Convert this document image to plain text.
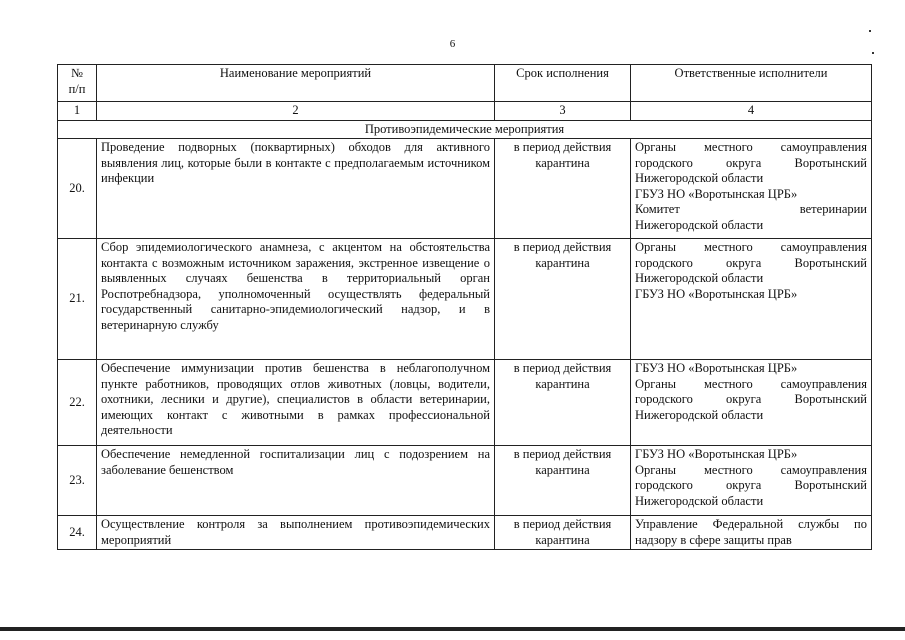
6
№
п/п	Наименование мероприятий	Срок исполнения	Ответственные исполнители
1	2	3	4
Противоэпидемические мероприятия			
20.	Проведение подворных (поквартирных) обходов для активного выявления лиц, которые были в контакте с предполагаемым источником инфекции	в период действия карантина	Органы местного самоуправления городского округа Воротынский Нижегородской области
ГБУЗ НО «Воротынская ЦРБ»
Комитет ветеринарии
Нижегородской области

21.	Сбор эпидемиологического анамнеза, с акцентом на обстоятельства контакта с возможным источником заражения, экстренное извещение о выявленных случаях бешенства в территориальный орган Роспотребнадзора, уполномоченный осуществлять федеральный государственный санитарно-эпидемиологический надзор, и в ветеринарную службу	в период действия карантина	Органы местного самоуправления городского округа Воротынский Нижегородской области
ГБУЗ НО «Воротынская ЦРБ»

22.	Обеспечение иммунизации против бешенства в неблагополучном пункте работников, проводящих отлов животных (ловцы, водители, охотники, лесники и другие), специалистов в области ветеринарии, имеющих контакт с животными в рамках профессиональной деятельности	в период действия карантина	ГБУЗ НО «Воротынская ЦРБ»
Органы местного самоуправления городского округа Воротынский Нижегородской области

23.	Обеспечение немедленной госпитализации лиц с подозрением на заболевание бешенством	в период действия карантина	ГБУЗ НО «Воротынская ЦРБ»
Органы местного самоуправления городского округа Воротынский Нижегородской области

24.	Осуществление контроля за выполнением противоэпидемических мероприятий	в период действия карантина	Управление Федеральной службы по надзору в сфере защиты прав
